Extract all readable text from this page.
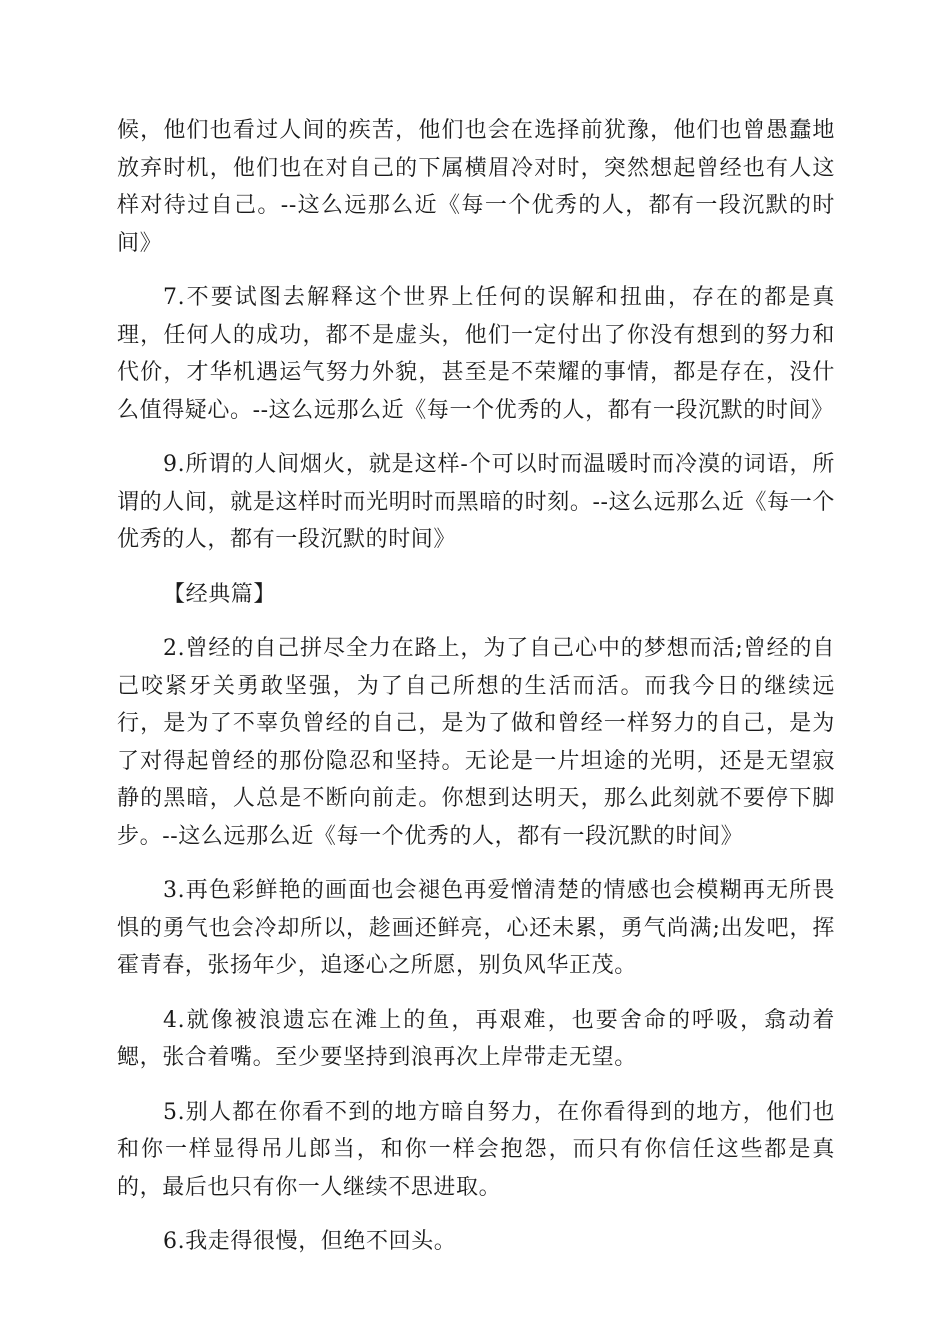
候，他们也看过人间的疾苦，他们也会在选择前犹豫，他们也曾愚蠢地放弃时机，他们也在对自己的下属横眉冷对时，突然想起曾经也有人这样对待过自己。--这么远那么近《每一个优秀的人，都有一段沉默的时间》

7.不要试图去解释这个世界上任何的误解和扭曲，存在的都是真理，任何人的成功，都不是虚头，他们一定付出了你没有想到的努力和代价，才华机遇运气努力外貌，甚至是不荣耀的事情，都是存在，没什么值得疑心。--这么远那么近《每一个优秀的人，都有一段沉默的时间》

9.所谓的人间烟火，就是这样-个可以时而温暖时而冷漠的词语，所谓的人间，就是这样时而光明时而黑暗的时刻。--这么远那么近《每一个优秀的人，都有一段沉默的时间》

【经典篇】

2.曾经的自己拼尽全力在路上，为了自己心中的梦想而活;曾经的自己咬紧牙关勇敢坚强，为了自己所想的生活而活。而我今日的继续远行，是为了不辜负曾经的自己，是为了做和曾经一样努力的自己，是为了对得起曾经的那份隐忍和坚持。无论是一片坦途的光明，还是无望寂静的黑暗，人总是不断向前走。你想到达明天，那么此刻就不要停下脚步。--这么远那么近《每一个优秀的人，都有一段沉默的时间》

3.再色彩鲜艳的画面也会褪色再爱憎清楚的情感也会模糊再无所畏惧的勇气也会冷却所以，趁画还鲜亮，心还未累，勇气尚满;出发吧，挥霍青春，张扬年少，追逐心之所愿，别负风华正茂。

4.就像被浪遗忘在滩上的鱼，再艰难，也要舍命的呼吸，翕动着鳃，张合着嘴。至少要坚持到浪再次上岸带走无望。

5.别人都在你看不到的地方暗自努力，在你看得到的地方，他们也和你一样显得吊儿郎当，和你一样会抱怨，而只有你信任这些都是真的，最后也只有你一人继续不思进取。

6.我走得很慢，但绝不回头。
